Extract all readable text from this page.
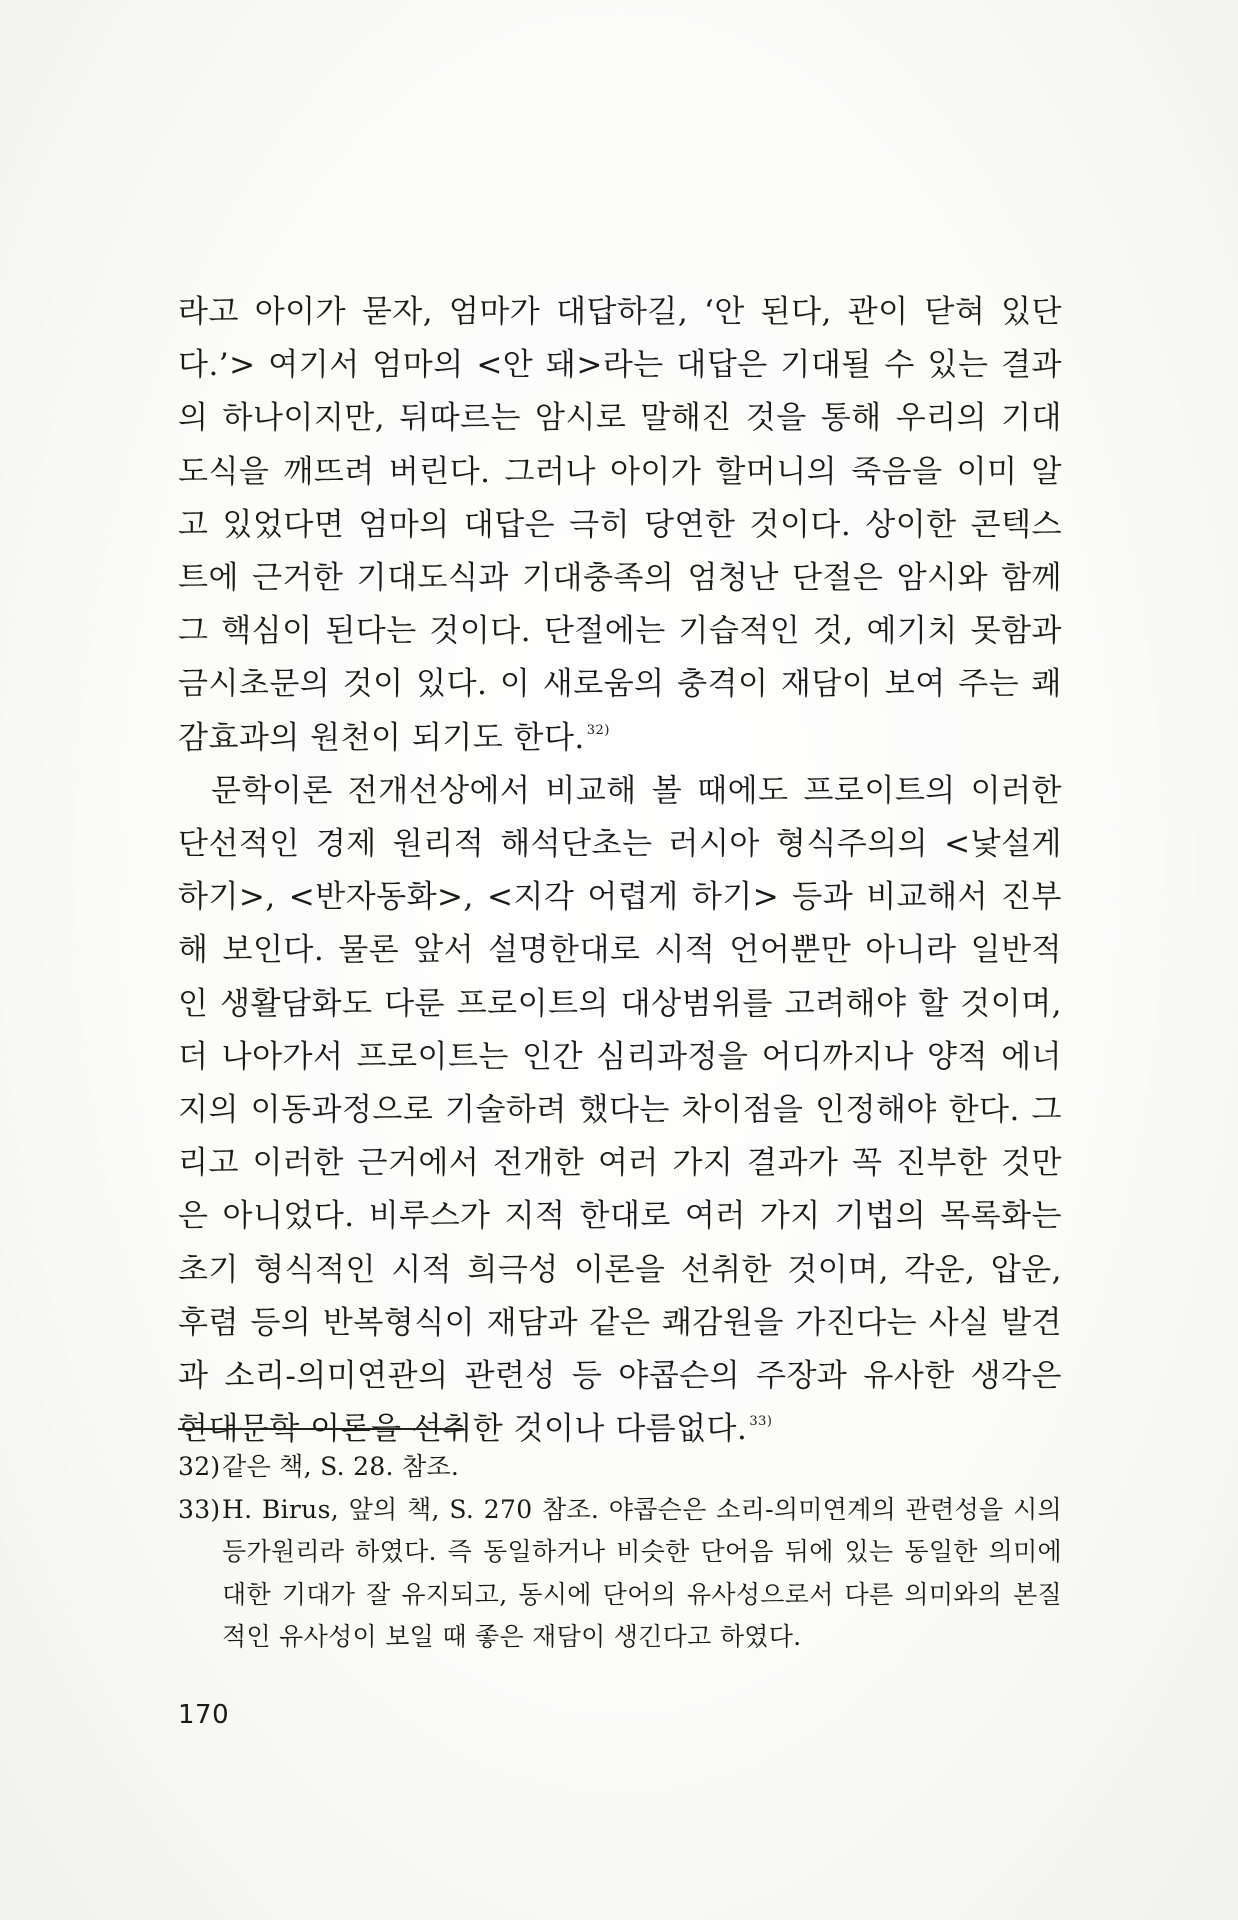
라고 아이가 묻자, 엄마가 대답하길, ‘안 된다, 관이 닫혀 있단다.’> 여기서 엄마의 <안 돼>라는 대답은 기대될 수 있는 결과의 하나이지만, 뒤따르는 암시로 말해진 것을 통해 우리의 기대도식을 깨뜨려 버린다. 그러나 아이가 할머니의 죽음을 이미 알고 있었다면 엄마의 대답은 극히 당연한 것이다. 상이한 콘텍스트에 근거한 기대도식과 기대충족의 엄청난 단절은 암시와 함께 그 핵심이 된다는 것이다. 단절에는 기습적인 것, 예기치 못함과 금시초문의 것이 있다. 이 새로움의 충격이 재담이 보여 주는 쾌감효과의 원천이 되기도 한다. $^{32)}$

문학이론 전개선상에서 비교해 볼 때에도 프로이트의 이러한 단선적인 경제 원리적 해석단초는 러시아 형식주의의 <낯설게 하기>, <반자동화>, <지각 어렵게 하기> 등과 비교해서 진부해 보인다. 물론 앞서 설명한대로 시적 언어뿐만 아니라 일반적인 생활담화도 다룬 프로이트의 대상범위를 고려해야 할 것이며, 더 나아가서 프로이트는 인간 심리과정을 어디까지나 양적 에너지의 이동과정으로 기술하려 했다는 차이점을 인정해야 한다. 그리고 이러한 근거에서 전개한 여러 가지 결과가 꼭 진부한 것만은 아니었다. 비루스가 지적 한대로 여러 가지 기법의 목록화는 초기 형식적인 시적 희극성 이론을 선취한 것이며, 각운, 압운, 후렴 등의 반복형식이 재담과 같은 쾌감원을 가진다는 사실 발견과 소리-의미연관의 관련성 등 야콥슨의 주장과 유사한 생각은 현대문학 이론을 선취한 것이나 다름없다. $^{33)}$

32) 같은 책, S. 28. 참조.
33) H. Birus, 앞의 책, S. 270 참조. 야콥슨은 소리-의미연계의 관련성을 시의 등가원리라 하였다. 즉 동일하거나 비슷한 단어음 뒤에 있는 동일한 의미에 대한 기대가 잘 유지되고, 동시에 단어의 유사성으로서 다른 의미와의 본질적인 유사성이 보일 때 좋은 재담이 생긴다고 하였다.
170
